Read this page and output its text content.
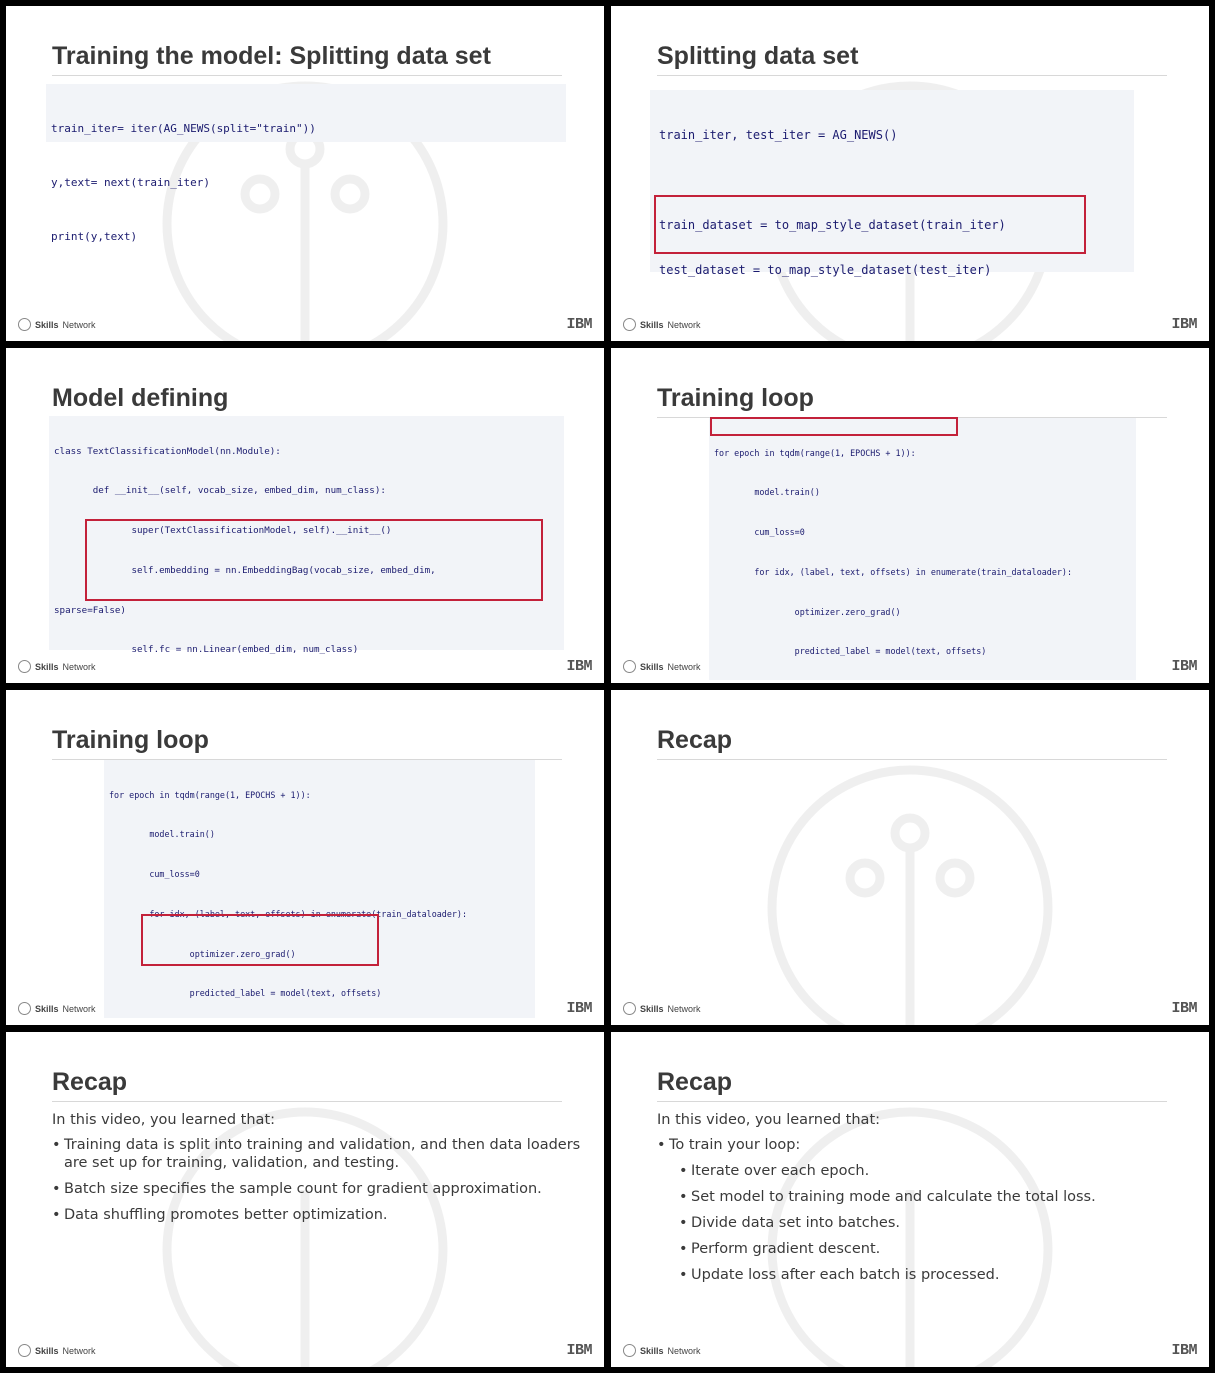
Training the model: Splitting data set

train_iter= iter(AG_NEWS(split="train"))

y,text= next(train_iter)

print(y,text)

Skills Network	IBM
Splitting data set

train_iter, test_iter = AG_NEWS()

train_dataset = to_map_style_dataset(train_iter)

test_dataset = to_map_style_dataset(test_iter)

Skills Network	IBM
Model defining

class TextClassificationModel(nn.Module):

def __init__(self, vocab_size, embed_dim, num_class):

super(TextClassificationModel, self).__init__()

self.embedding = nn.EmbeddingBag(vocab_size, embed_dim,

sparse=False)

self.fc = nn.Linear(embed_dim, num_class)

Skills Network	IBM
Training loop

for epoch in tqdm(range(1, EPOCHS + 1)):

model.train()

cum_loss=0

for idx, (label, text, offsets) in enumerate(train_dataloader):

optimizer.zero_grad()

predicted_label = model(text, offsets)

Skills Network	IBM
Training loop

for epoch in tqdm(range(1, EPOCHS + 1)):

model.train()

cum_loss=0

for idx, (label, text, offsets) in enumerate(train_dataloader):

optimizer.zero_grad()

predicted_label = model(text, offsets)

Skills Network	IBM
Recap
Skills Network	IBM
Recap
In this video, you learned that:
• Training data is split into training and validation, and then data loaders are set up for training, validation, and testing.
• Batch size specifies the sample count for gradient approximation.
• Data shuffling promotes better optimization.
Skills Network	IBM
Recap
In this video, you learned that:
• To train your loop:
• Iterate over each epoch.
• Set model to training mode and calculate the total loss.
• Divide data set into batches.
• Perform gradient descent.
• Update loss after each batch is processed.
Skills Network	IBM
